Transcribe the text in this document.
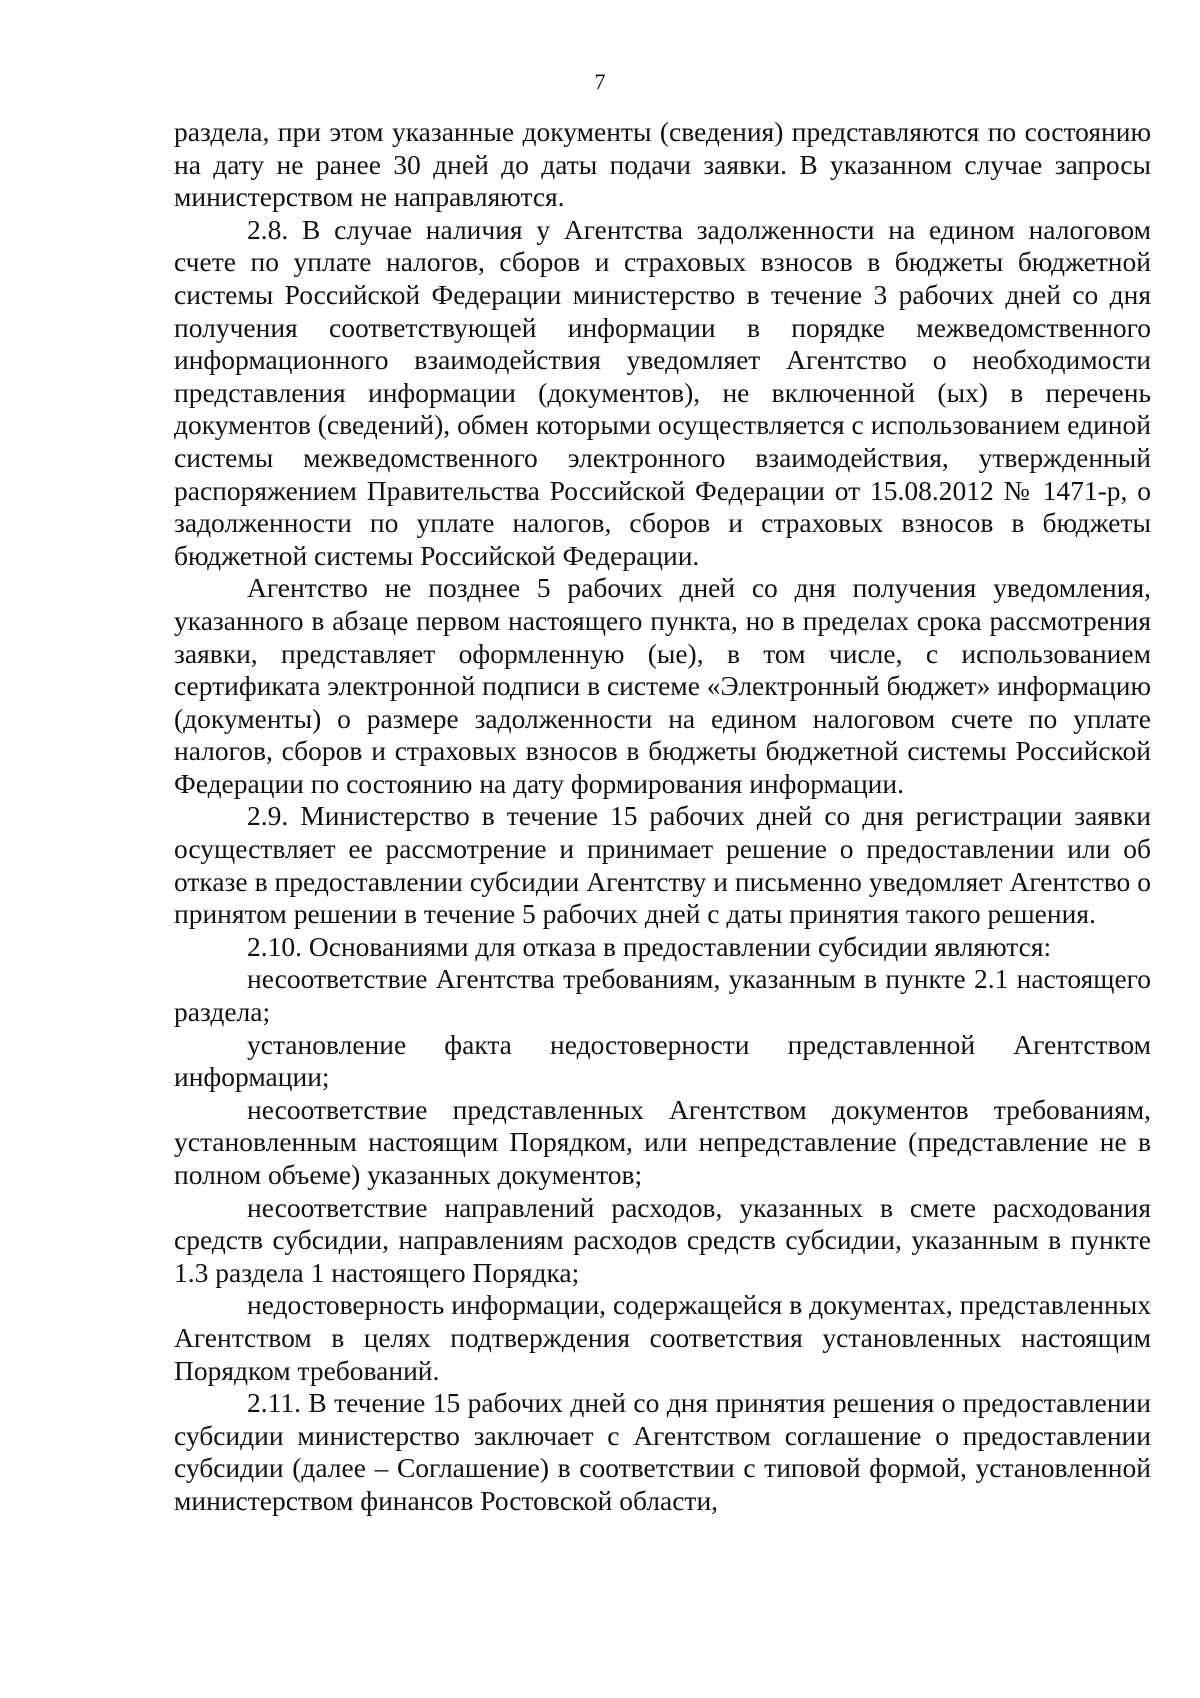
7

раздела, при этом указанные документы (сведения) представляются по состоянию на дату не ранее 30 дней до даты подачи заявки. В указанном случае запросы министерством не направляются.

2.8. В случае наличия у Агентства задолженности на едином налоговом счете по уплате налогов, сборов и страховых взносов в бюджеты бюджетной системы Российской Федерации министерство в течение 3 рабочих дней со дня получения соответствующей информации в порядке межведомственного информационного взаимодействия уведомляет Агентство о необходимости представления информации (документов), не включенной (ых) в перечень документов (сведений), обмен которыми осуществляется с использованием единой системы межведомственного электронного взаимодействия, утвержденный распоряжением Правительства Российской Федерации от 15.08.2012 № 1471-р, о задолженности по уплате налогов, сборов и страховых взносов в бюджеты бюджетной системы Российской Федерации.

Агентство не позднее 5 рабочих дней со дня получения уведомления, указанного в абзаце первом настоящего пункта, но в пределах срока рассмотрения заявки, представляет оформленную (ые), в том числе, с использованием сертификата электронной подписи в системе «Электронный бюджет» информацию (документы) о размере задолженности на едином налоговом счете по уплате налогов, сборов и страховых взносов в бюджеты бюджетной системы Российской Федерации по состоянию на дату формирования информации.

2.9. Министерство в течение 15 рабочих дней со дня регистрации заявки осуществляет ее рассмотрение и принимает решение о предоставлении или об отказе в предоставлении субсидии Агентству и письменно уведомляет Агентство о принятом решении в течение 5 рабочих дней с даты принятия такого решения.

2.10. Основаниями для отказа в предоставлении субсидии являются:

несоответствие Агентства требованиям, указанным в пункте 2.1 настоящего раздела;

установление факта недостоверности представленной Агентством информации;

несоответствие представленных Агентством документов требованиям, установленным настоящим Порядком, или непредставление (представление не в полном объеме) указанных документов;

несоответствие направлений расходов, указанных в смете расходования средств субсидии, направлениям расходов средств субсидии, указанным в пункте 1.3 раздела 1 настоящего Порядка;

недостоверность информации, содержащейся в документах, представленных Агентством в целях подтверждения соответствия установленных настоящим Порядком требований.

2.11. В течение 15 рабочих дней со дня принятия решения о предоставлении субсидии министерство заключает с Агентством соглашение о предоставлении субсидии (далее – Соглашение) в соответствии с типовой формой, установленной министерством финансов Ростовской области,
